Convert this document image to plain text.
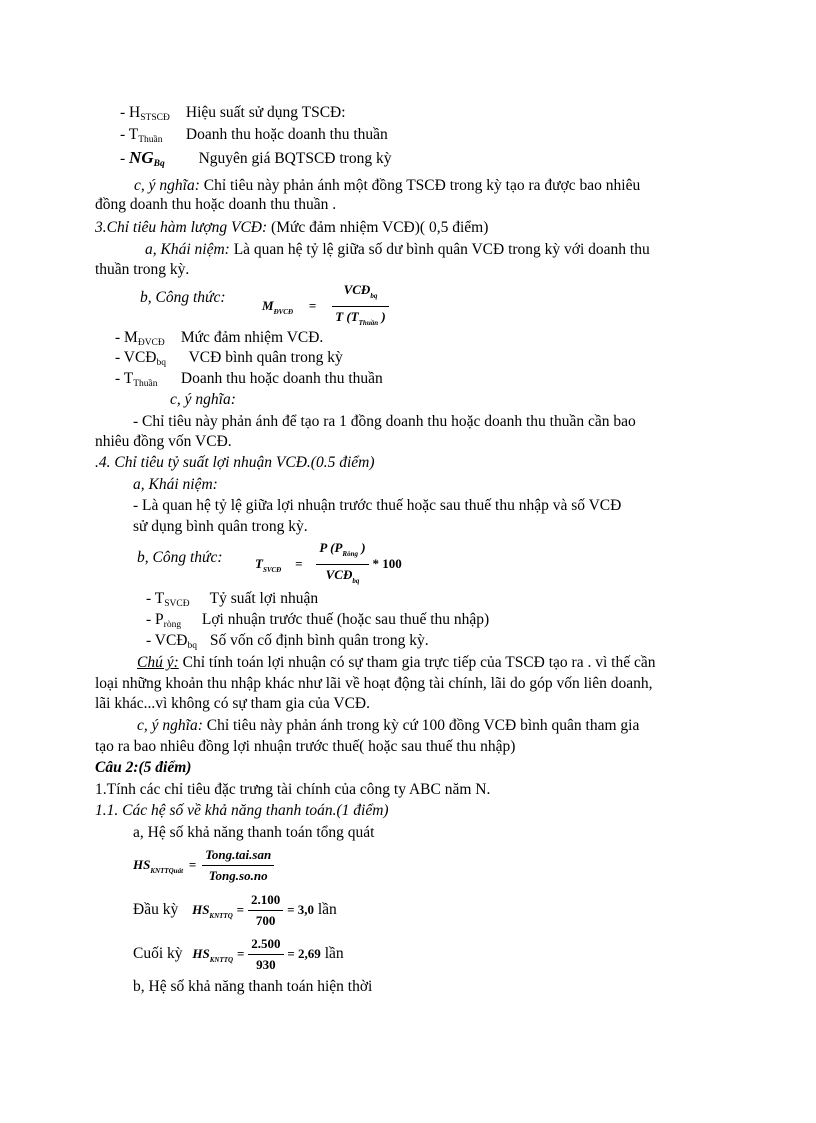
- $H_{STSCĐ}$ Hiệu suất sử dụng TSCĐ:
- $T_{Thuần}$ Doanh thu hoặc doanh thu thuần
- $NG_{Bq}$ Nguyên giá BQTSCĐ trong kỳ
c, ý nghĩa: Chỉ tiêu này phản ánh một đồng TSCĐ trong kỳ tạo ra được bao nhiêu
đồng doanh thu hoặc doanh thu thuần .
3.Chỉ tiêu hàm lượng VCĐ: (Mức đảm nhiệm VCĐ)( 0,5 điểm)
a, Khái niệm: Là quan hệ tỷ lệ giữa số dư bình quân VCĐ trong kỳ với doanh thu
thuần trong kỳ.
b, Công thức:	$M_{ĐVCĐ} = \frac{VCĐ_{bq}}{T (T_{Thuần} )}$
- $M_{ĐVCĐ}$ Mức đảm nhiệm VCĐ.
- $VCĐ_{bq}$ VCĐ bình quân trong kỳ
- $T_{Thuần}$ Doanh thu hoặc doanh thu thuần
c, ý nghĩa:
- Chỉ tiêu này phản ánh để tạo ra 1 đồng doanh thu hoặc doanh thu thuần cần bao
nhiêu đồng vốn VCĐ.
.4. Chỉ tiêu tỷ suất lợi nhuận VCĐ.(0.5 điểm)
a, Khái niệm:
- Là quan hệ tỷ lệ giữa lợi nhuận trước thuế hoặc sau thuế thu nhập và số VCĐ
sử dụng bình quân trong kỳ.
b, Công thức: $T_{SVCĐ} = \frac{P (P_{Ròng} )}{VCĐ_{bq}} * 100$
- $T_{SVCĐ}$ Tỷ suất lợi nhuận
- $P_{ròng}$ Lợi nhuận trước thuế (hoặc sau thuế thu nhập)
- $VCĐ_{bq}$ Số vốn cố định bình quân trong kỳ.
Chú ý: Chỉ tính toán lợi nhuận có sự tham gia trực tiếp của TSCĐ tạo ra . vì thế cần
loại những khoản thu nhập khác như lãi về hoạt động tài chính, lãi do góp vốn liên doanh,
lãi khác...vì không có sự tham gia của VCĐ.
c, ý nghĩa: Chỉ tiêu này phản ánh trong kỳ cứ 100 đồng VCĐ bình quân tham gia
tạo ra bao nhiêu đồng lợi nhuận trước thuế( hoặc sau thuế thu nhập)
Câu 2:(5 điểm)
1.Tính các chỉ tiêu đặc trưng tài chính của công ty ABC năm N.
1.1. Các hệ số về khả năng thanh toán.(1 điểm)
a, Hệ số khả năng thanh toán tổng quát
$HS_{KNTTQuát} = \frac{\text{Tong.tai.san}}{\text{Tong.so.no}}$
Đầu kỳ $HS_{KNTTQ} = \frac{2.100}{700} = 3,0$ lần
Cuối kỳ $HS_{KNTTQ} = \frac{2.500}{930} = 2,69$ lần
b, Hệ số khả năng thanh toán hiện thời
